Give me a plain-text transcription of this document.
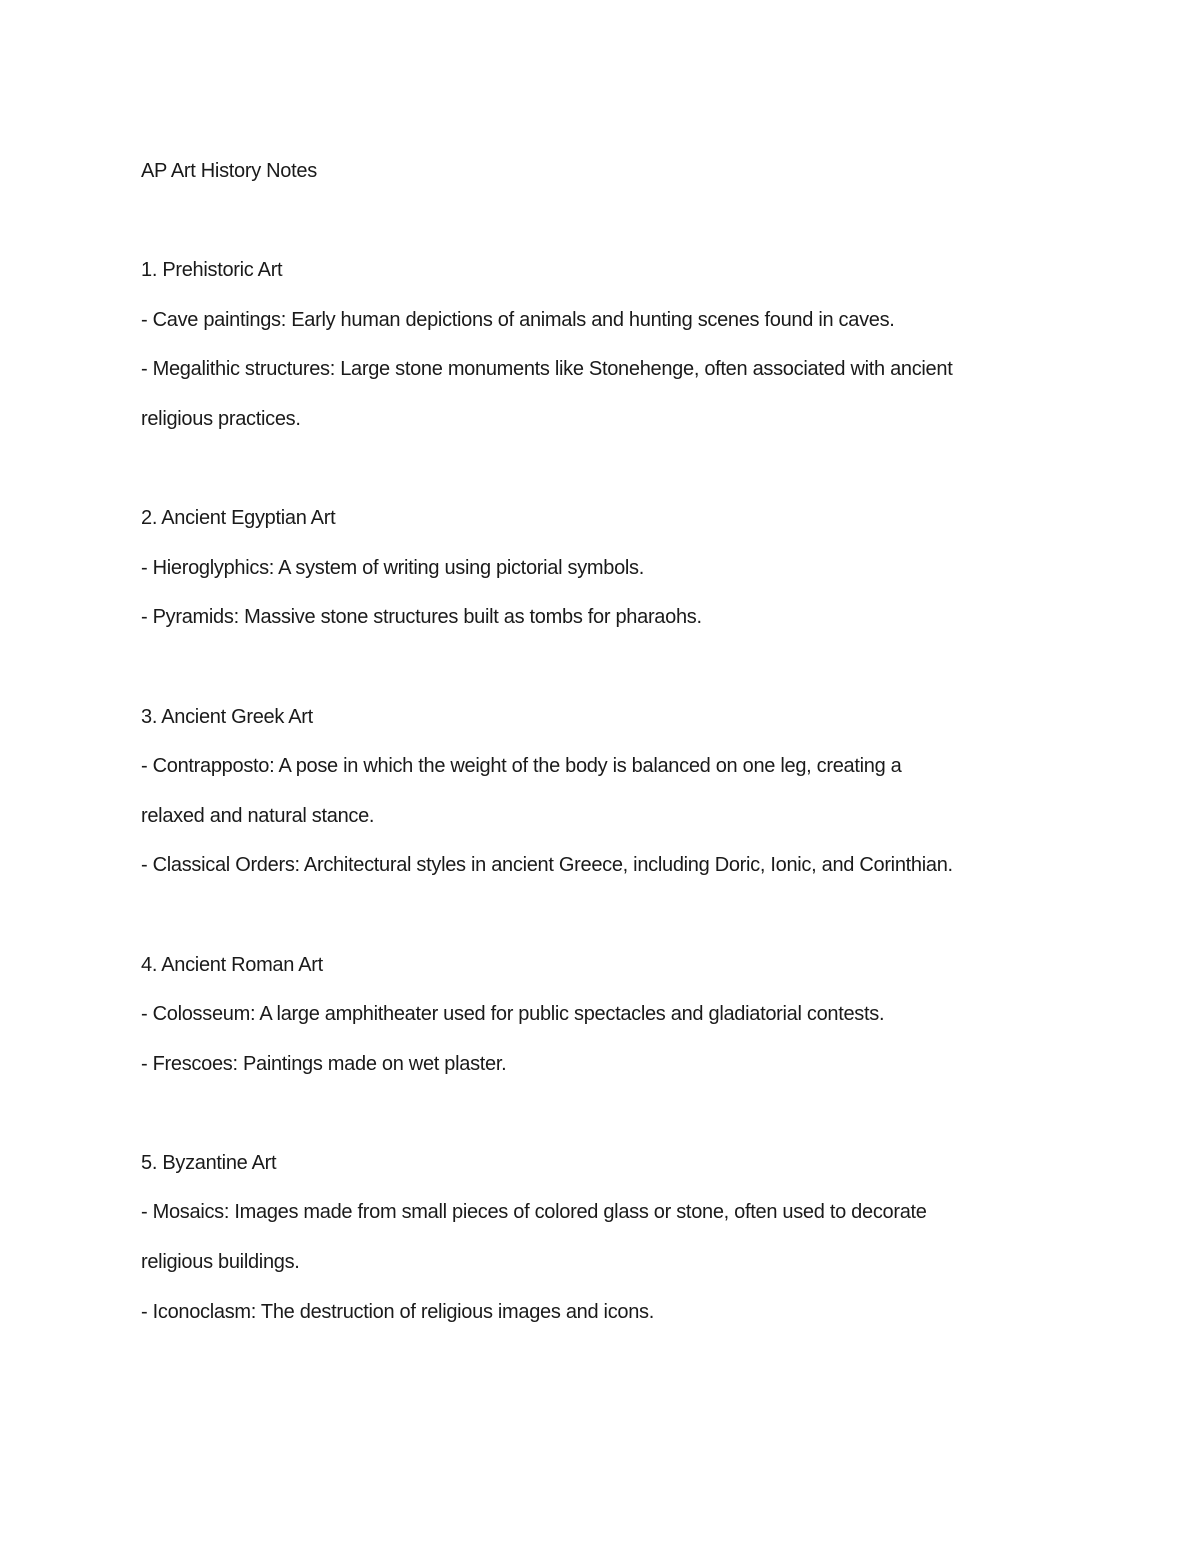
AP Art History Notes
1. Prehistoric Art
- Cave paintings: Early human depictions of animals and hunting scenes found in caves.
- Megalithic structures: Large stone monuments like Stonehenge, often associated with ancient
religious practices.
2. Ancient Egyptian Art
- Hieroglyphics: A system of writing using pictorial symbols.
- Pyramids: Massive stone structures built as tombs for pharaohs.
3. Ancient Greek Art
- Contrapposto: A pose in which the weight of the body is balanced on one leg, creating a
relaxed and natural stance.
- Classical Orders: Architectural styles in ancient Greece, including Doric, Ionic, and Corinthian.
4. Ancient Roman Art
- Colosseum: A large amphitheater used for public spectacles and gladiatorial contests.
- Frescoes: Paintings made on wet plaster.
5. Byzantine Art
- Mosaics: Images made from small pieces of colored glass or stone, often used to decorate
religious buildings.
- Iconoclasm: The destruction of religious images and icons.
